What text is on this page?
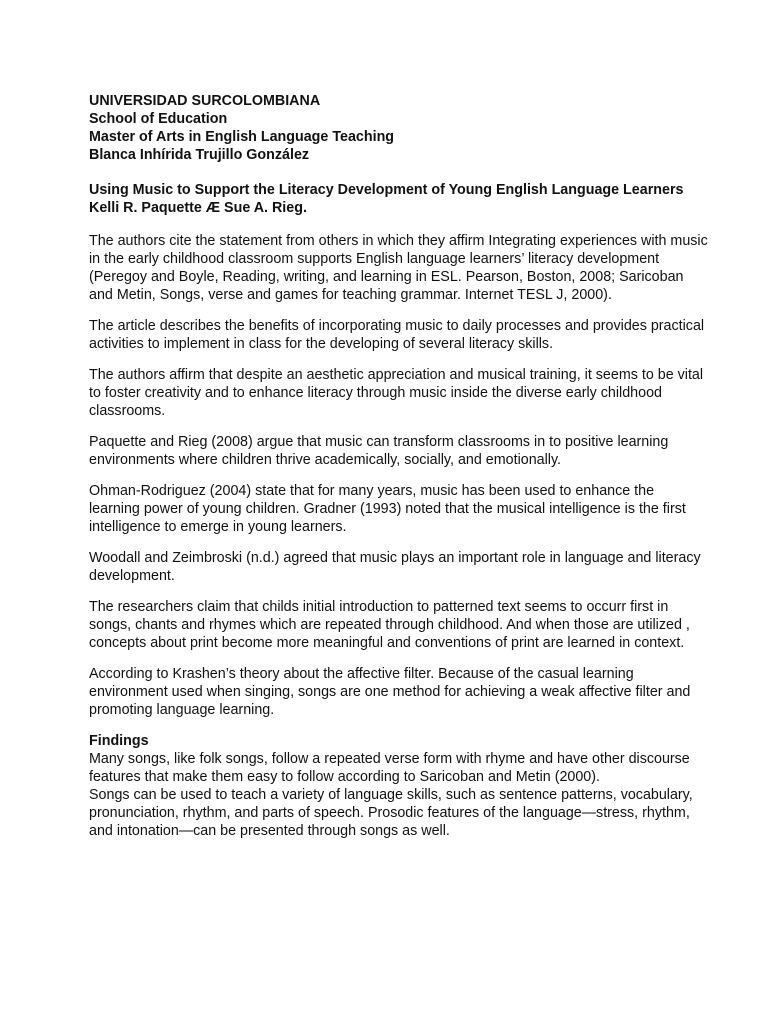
UNIVERSIDAD SURCOLOMBIANA
School of Education
Master of Arts in English Language Teaching
Blanca Inhírida Trujillo González
Using Music to Support the Literacy Development of Young English Language Learners
Kelli R. Paquette Æ Sue A. Rieg.

The authors cite the statement from others in which they affirm Integrating experiences with music in the early childhood classroom supports English language learners’ literacy development (Peregoy and Boyle, Reading, writing, and learning in ESL. Pearson, Boston, 2008; Saricoban and Metin, Songs, verse and games for teaching grammar. Internet TESL J, 2000).

The article describes the benefits of incorporating music to daily processes and provides practical activities to implement in class for the developing of several literacy skills.

The authors affirm that despite an aesthetic appreciation and musical training, it seems to be vital to foster creativity and to enhance literacy through music inside the diverse early childhood classrooms.

Paquette and Rieg (2008) argue that music can transform classrooms in to positive learning environments where children thrive academically, socially, and emotionally.

Ohman-Rodriguez (2004) state that for many years, music has been used to enhance the learning power of young children. Gradner (1993) noted that the musical intelligence is the first intelligence to emerge in young learners.

Woodall and Zeimbroski (n.d.) agreed that music plays an important role in language and literacy development.

The researchers claim that childs initial introduction to patterned text seems to occurr first in songs, chants and rhymes which are repeated through childhood. And when those are utilized , concepts about print become more meaningful and conventions of print are learned in context.

According to Krashen’s theory about the affective filter. Because of the casual learning environment used when singing, songs are one method for achieving a weak affective filter and promoting language learning.

Findings

Many songs, like folk songs, follow a repeated verse form with rhyme and have other discourse features that make them easy to follow according to Saricoban and Metin (2000).

Songs can be used to teach a variety of language skills, such as sentence patterns, vocabulary, pronunciation, rhythm, and parts of speech. Prosodic features of the language—stress, rhythm, and intonation—can be presented through songs as well.
